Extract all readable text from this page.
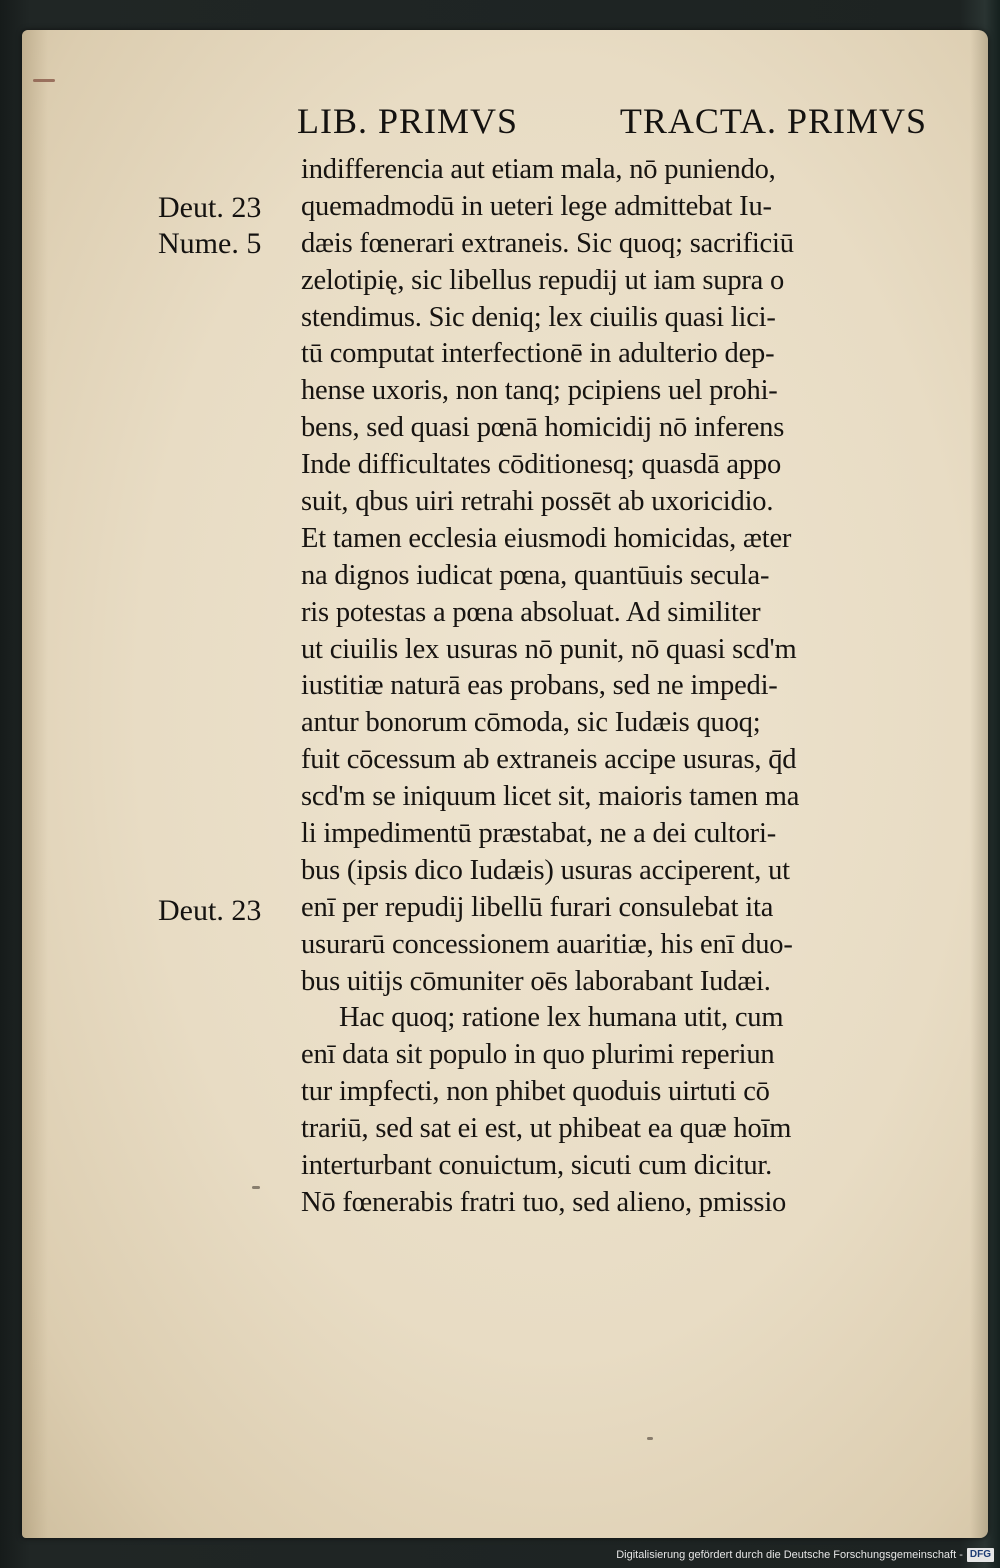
LIB. PRIMVS	TRACTA. PRIMVS
Deut. 23
Nume. 5
Deut. 23
indifferencia aut etiam mala, nō puniendo,
quemadmodū in ueteri lege admittebat Iu-
dæis fœnerari extraneis. Sic quoq; sacrificiū
zelotipię, sic libellus repudij ut iam supra o
stendimus. Sic deniq; lex ciuilis quasi lici-
tū computat interfectionē in adulterio dep-
hense uxoris, non tanq; pcipiens uel prohi-
bens, sed quasi pœnā homicidij nō inferens
Inde difficultates cōditionesq; quasdā appo
suit, qbus uiri retrahi possēt ab uxoricidio.
Et tamen ecclesia eiusmodi homicidas, æter
na dignos iudicat pœna, quantūuis secula-
ris potestas a pœna absoluat. Ad similiter
ut ciuilis lex usuras nō punit, nō quasi scd'm
iustitiæ naturā eas probans, sed ne impedi-
antur bonorum cōmoda, sic Iudæis quoq;
fuit cōcessum ab extraneis accipe usuras, q̄d
scd'm se iniquum licet sit, maioris tamen ma
li impedimentū præstabat, ne a dei cultori-
bus (ipsis dico Iudæis) usuras acciperent, ut
enī per repudij libellū furari consulebat ita
usurarū concessionem auaritiæ, his enī duo-
bus uitijs cōmuniter oēs laborabant Iudæi.
Hac quoq; ratione lex humana utit, cum
enī data sit populo in quo plurimi reperiun
tur impfecti, non phibet quoduis uirtuti cō
trariū, sed sat ei est, ut phibeat ea quæ hoīm
interturbant conuictum, sicuti cum dicitur.
Nō fœnerabis fratri tuo, sed alieno, pmissio
Digitalisierung gefördert durch die Deutsche Forschungsgemeinschaft - DFG
